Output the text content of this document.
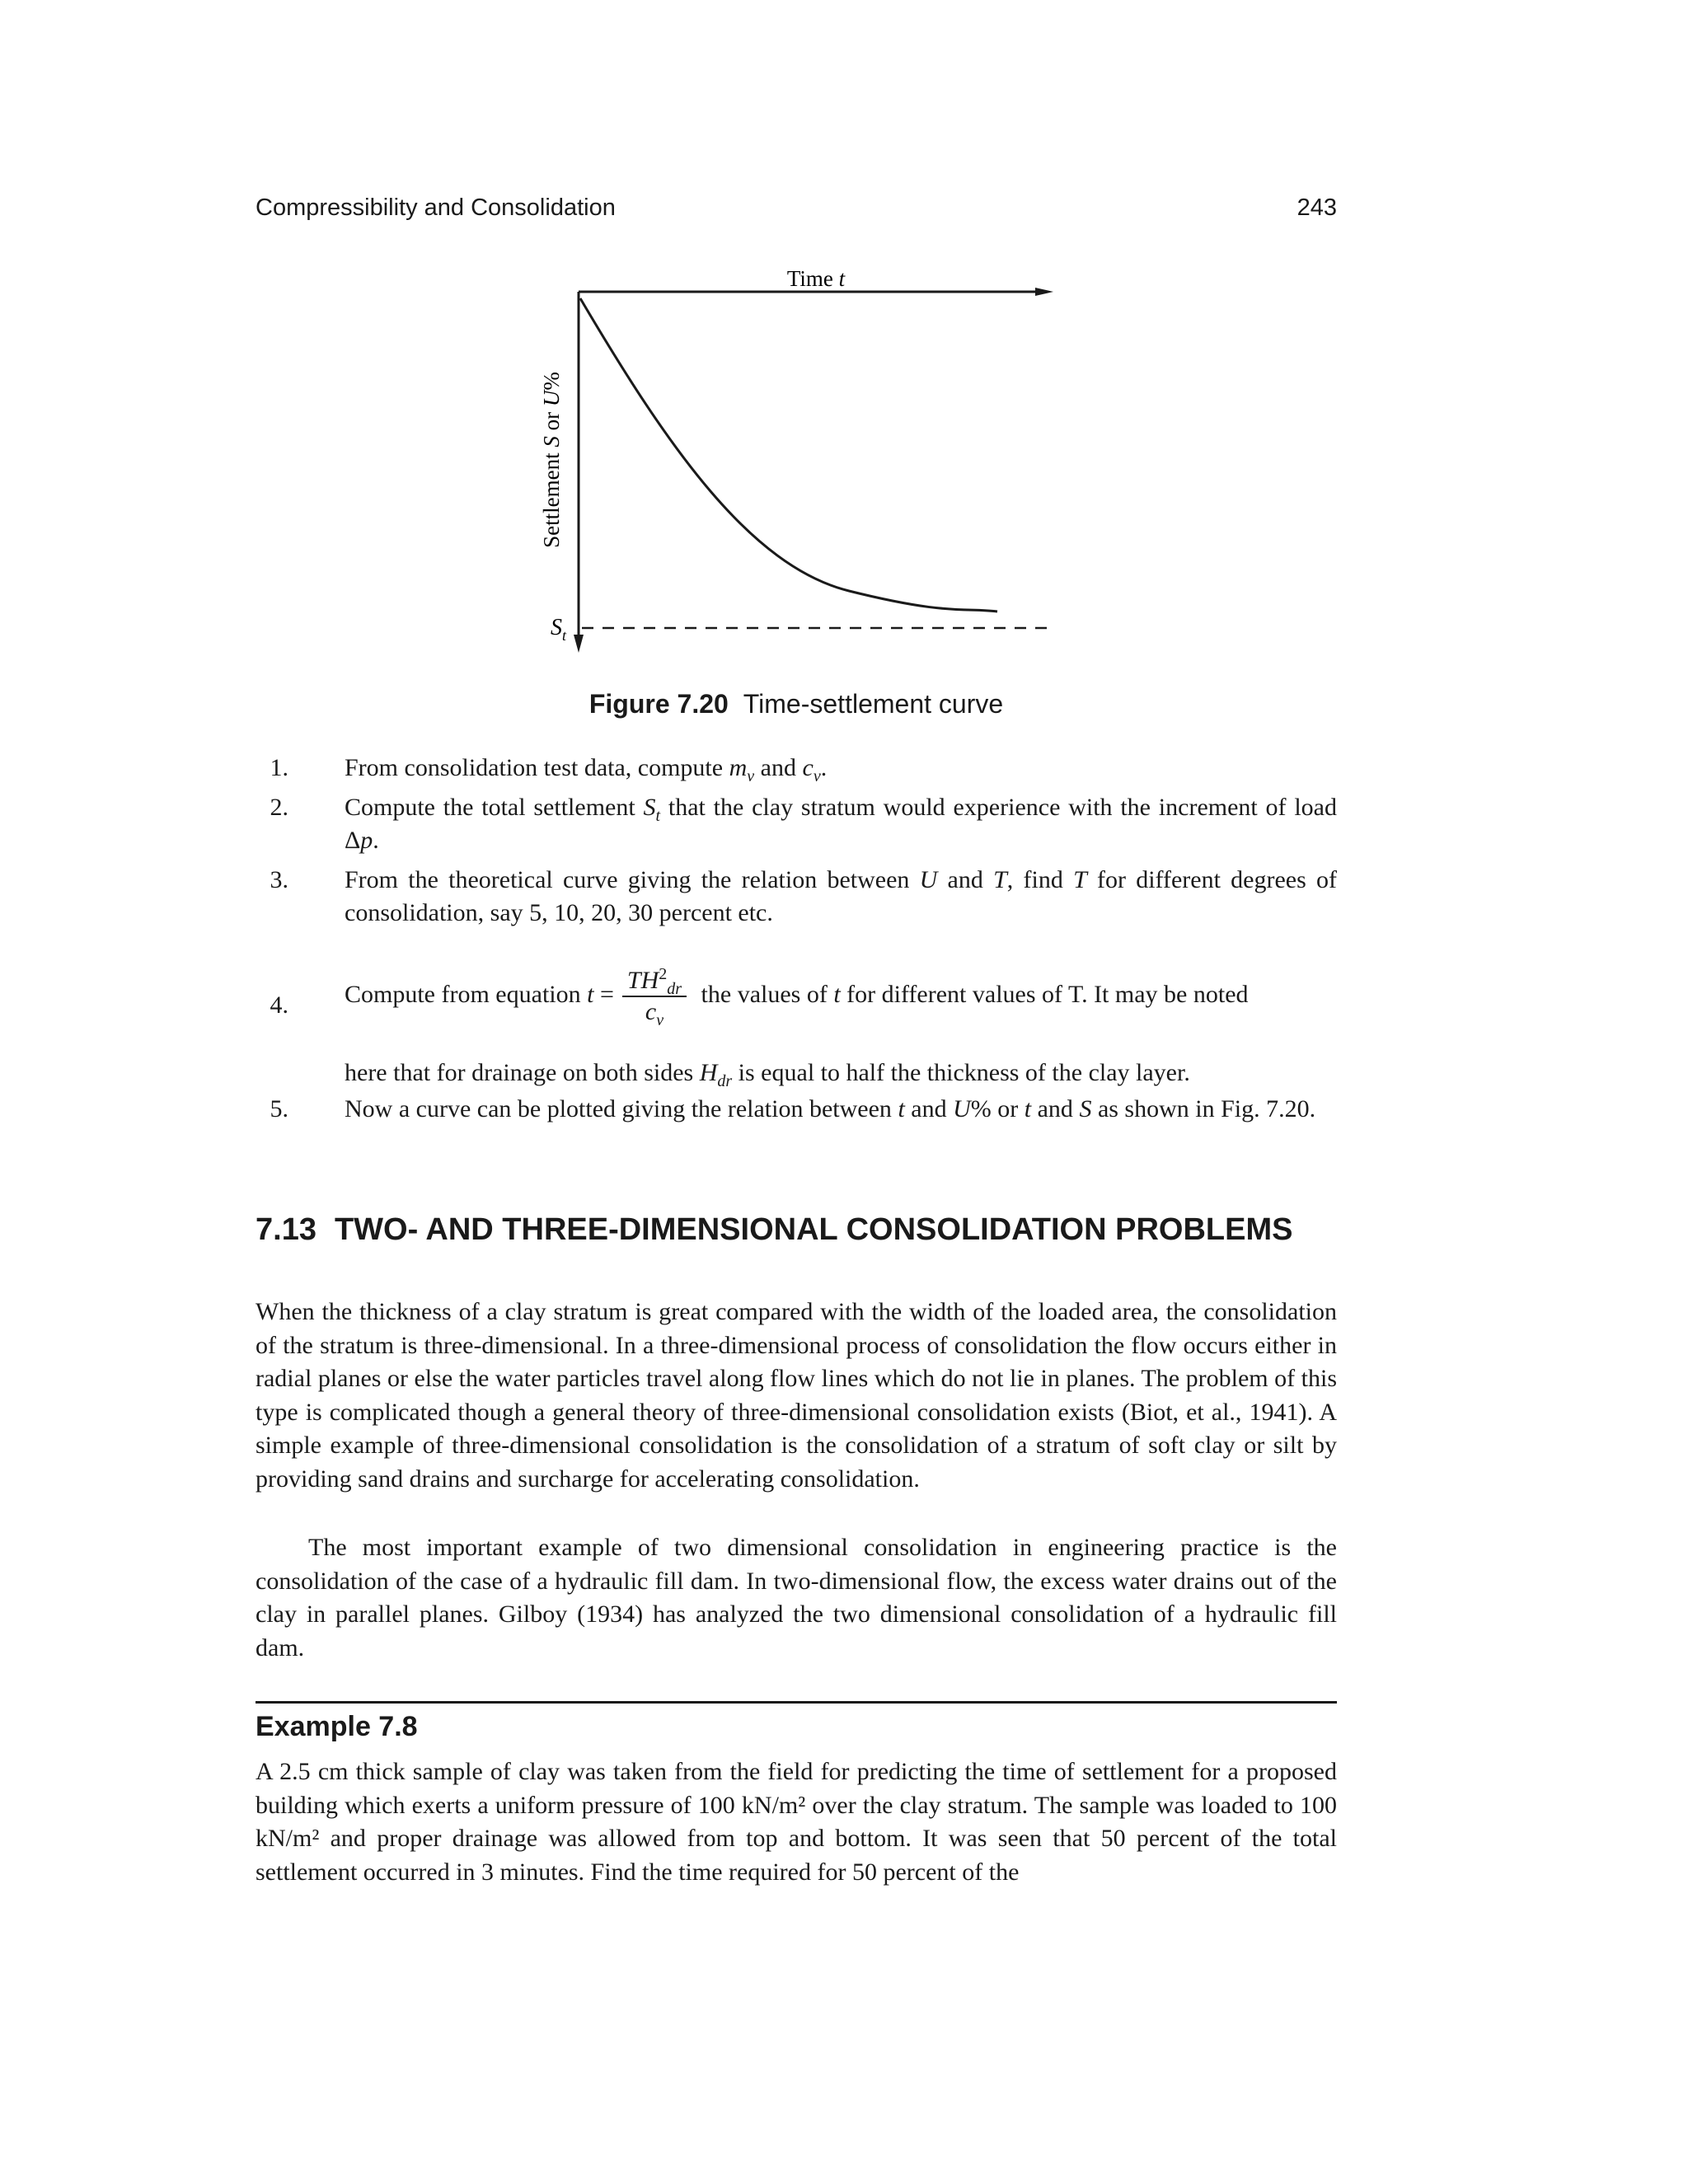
Compressibility and Consolidation	243
Time t
Settlement S or U%
$S_t$
Figure 7.20 Time-settlement curve
1. From consolidation test data, compute $m_v$ and $c_v$.
2. Compute the total settlement $S_t$ that the clay stratum would experience with the increment of load Δp.
3. From the theoretical curve giving the relation between U and T, find T for different degrees of consolidation, say 5, 10, 20, 30 percent etc.
4. Compute from equation $t = \frac{TH^2_{dr}}{c_v}$ the values of t for different values of T. It may be noted
here that for drainage on both sides $H_{dr}$ is equal to half the thickness of the clay layer.
5. Now a curve can be plotted giving the relation between t and U% or t and S as shown in Fig. 7.20.
7.13 TWO- AND THREE-DIMENSIONAL CONSOLIDATION PROBLEMS
When the thickness of a clay stratum is great compared with the width of the loaded area, the consolidation of the stratum is three-dimensional. In a three-dimensional process of consolidation the flow occurs either in radial planes or else the water particles travel along flow lines which do not lie in planes. The problem of this type is complicated though a general theory of three-dimensional consolidation exists (Biot, et al., 1941). A simple example of three-dimensional consolidation is the consolidation of a stratum of soft clay or silt by providing sand drains and surcharge for accelerating consolidation.
The most important example of two dimensional consolidation in engineering practice is the consolidation of the case of a hydraulic fill dam. In two-dimensional flow, the excess water drains out of the clay in parallel planes. Gilboy (1934) has analyzed the two dimensional consolidation of a hydraulic fill dam.
Example 7.8
A 2.5 cm thick sample of clay was taken from the field for predicting the time of settlement for a proposed building which exerts a uniform pressure of 100 kN/m² over the clay stratum. The sample was loaded to 100 kN/m² and proper drainage was allowed from top and bottom. It was seen that 50 percent of the total settlement occurred in 3 minutes. Find the time required for 50 percent of the
